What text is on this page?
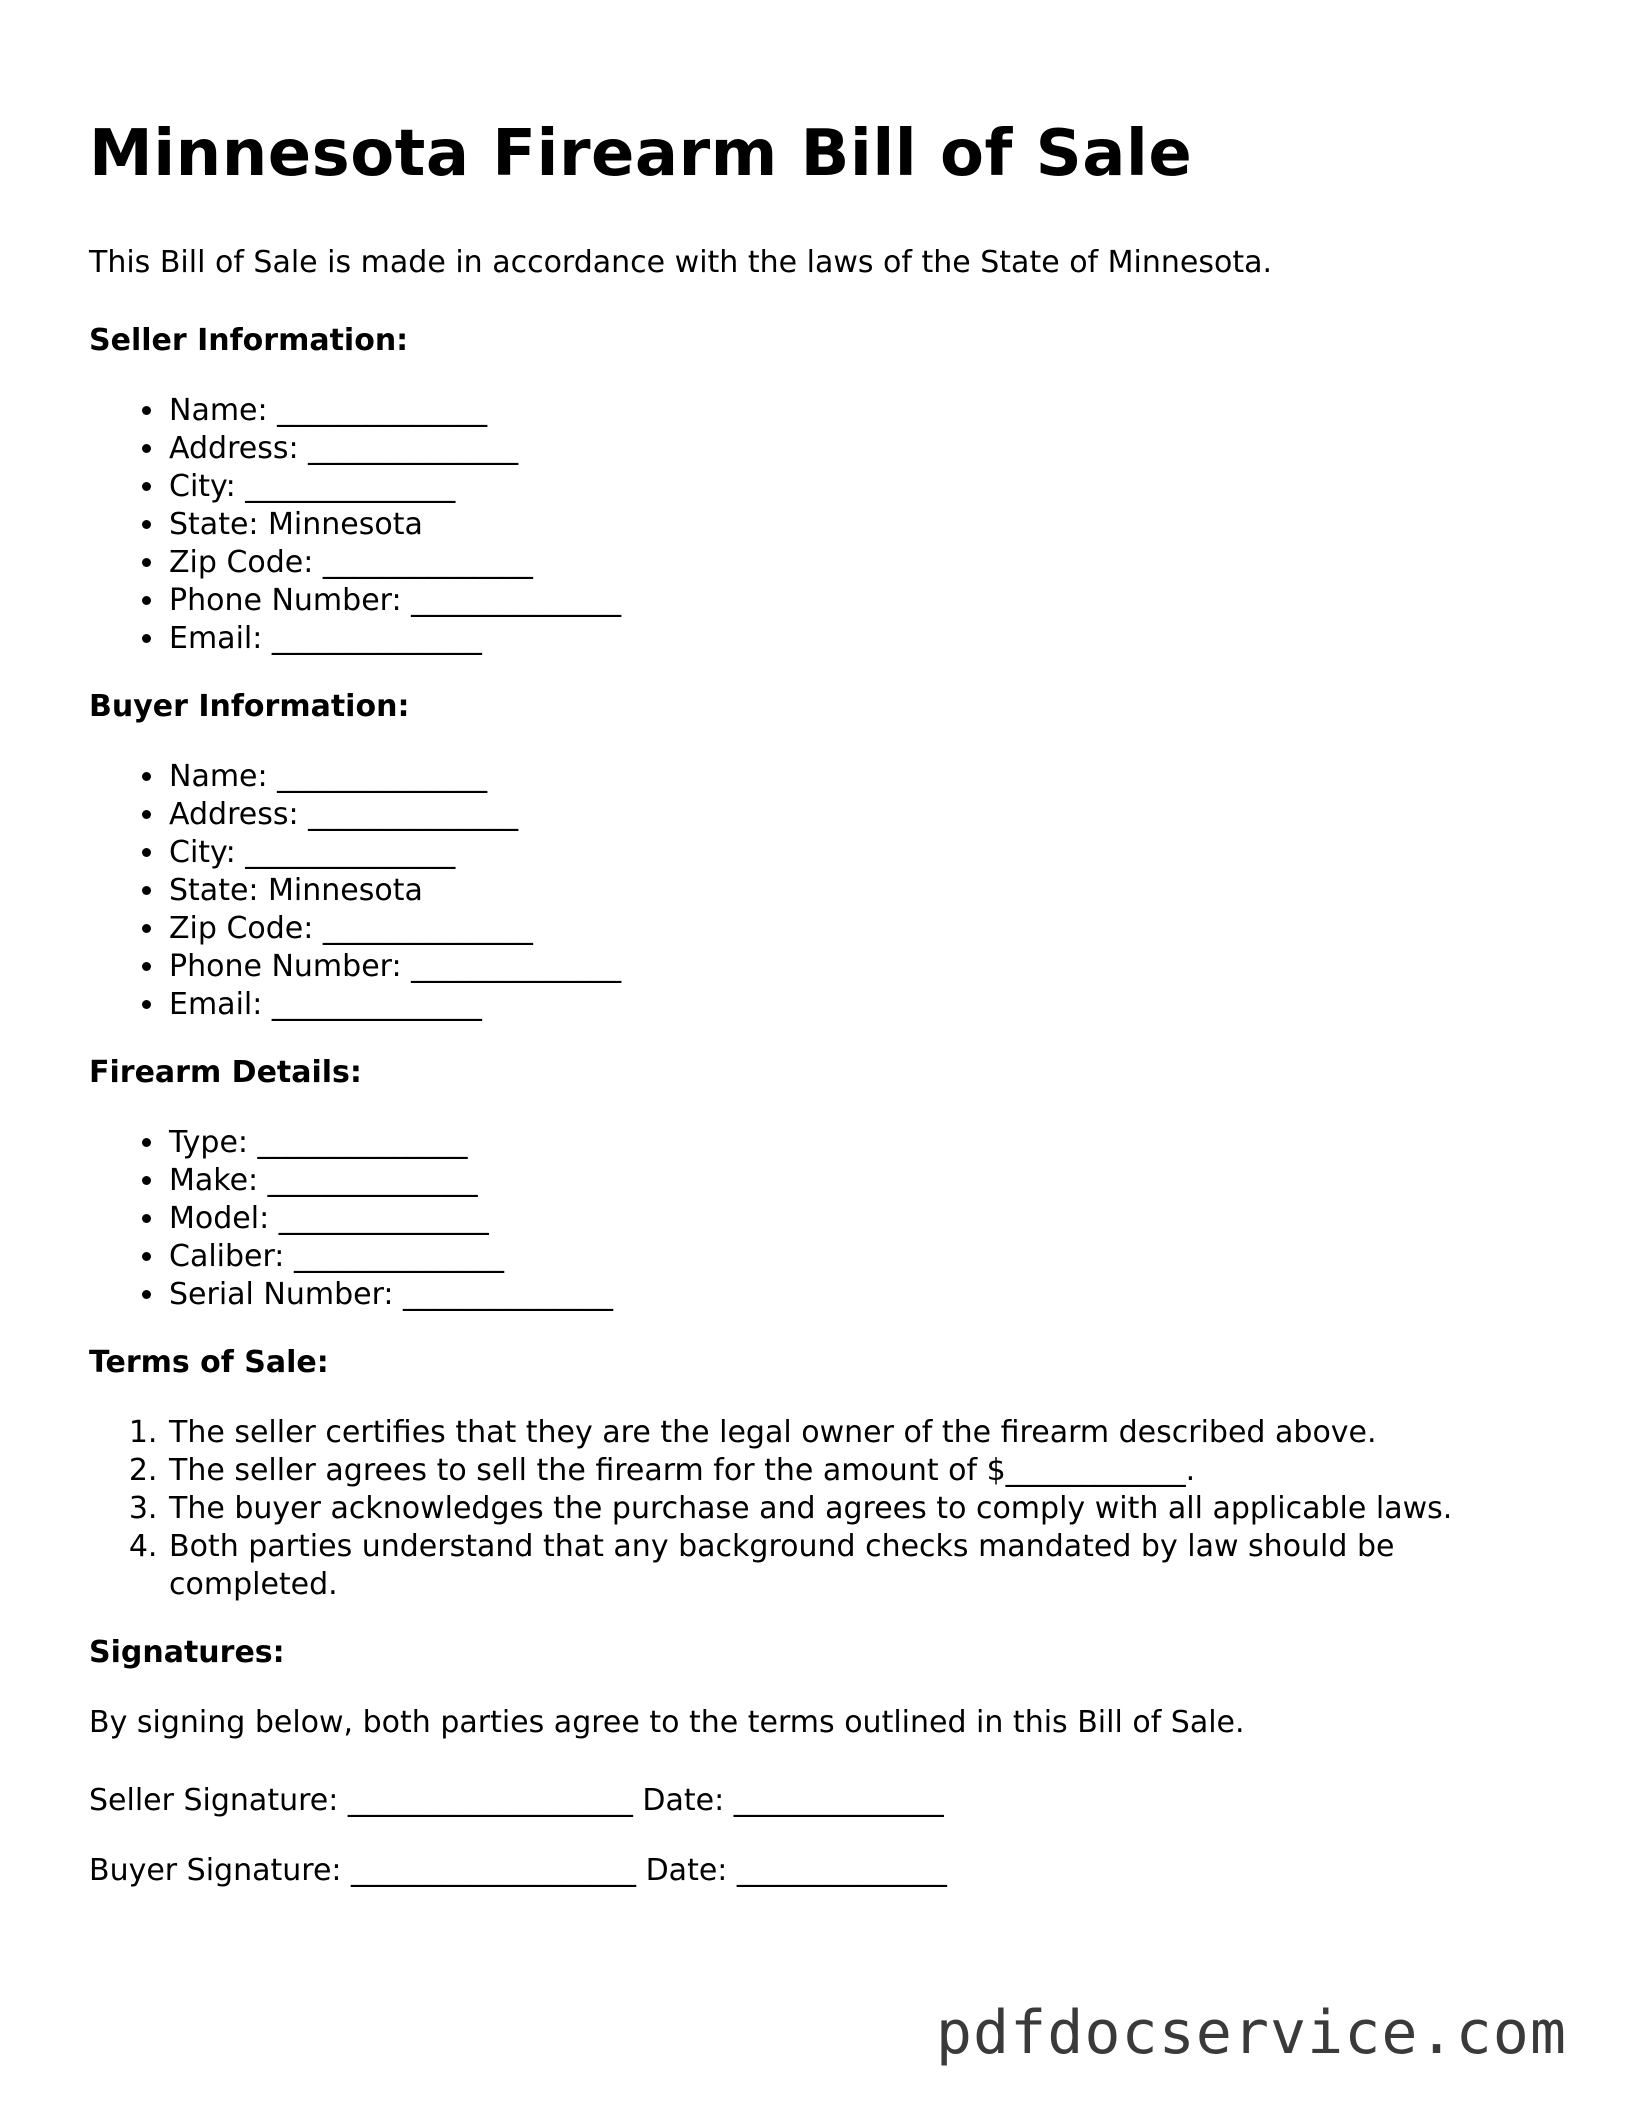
Minnesota Firearm Bill of Sale

This Bill of Sale is made in accordance with the laws of the State of Minnesota.

Seller Information:
• Name: ______________
• Address: ______________
• City: ______________
• State: Minnesota
• Zip Code: ______________
• Phone Number: ______________
• Email: ______________
Buyer Information:
• Name: ______________
• Address: ______________
• City: ______________
• State: Minnesota
• Zip Code: ______________
• Phone Number: ______________
• Email: ______________
Firearm Details:
• Type: ______________
• Make: ______________
• Model: ______________
• Caliber: ______________
• Serial Number: ______________
Terms of Sale:
1. The seller certifies that they are the legal owner of the firearm described above.
2. The seller agrees to sell the firearm for the amount of $____________.
3. The buyer acknowledges the purchase and agrees to comply with all applicable laws.
4. Both parties understand that any background checks mandated by law should be completed.
Signatures:

By signing below, both parties agree to the terms outlined in this Bill of Sale.

Seller Signature: ___________________ Date: ______________

Buyer Signature: ___________________ Date: ______________

pdfdocservice.com
